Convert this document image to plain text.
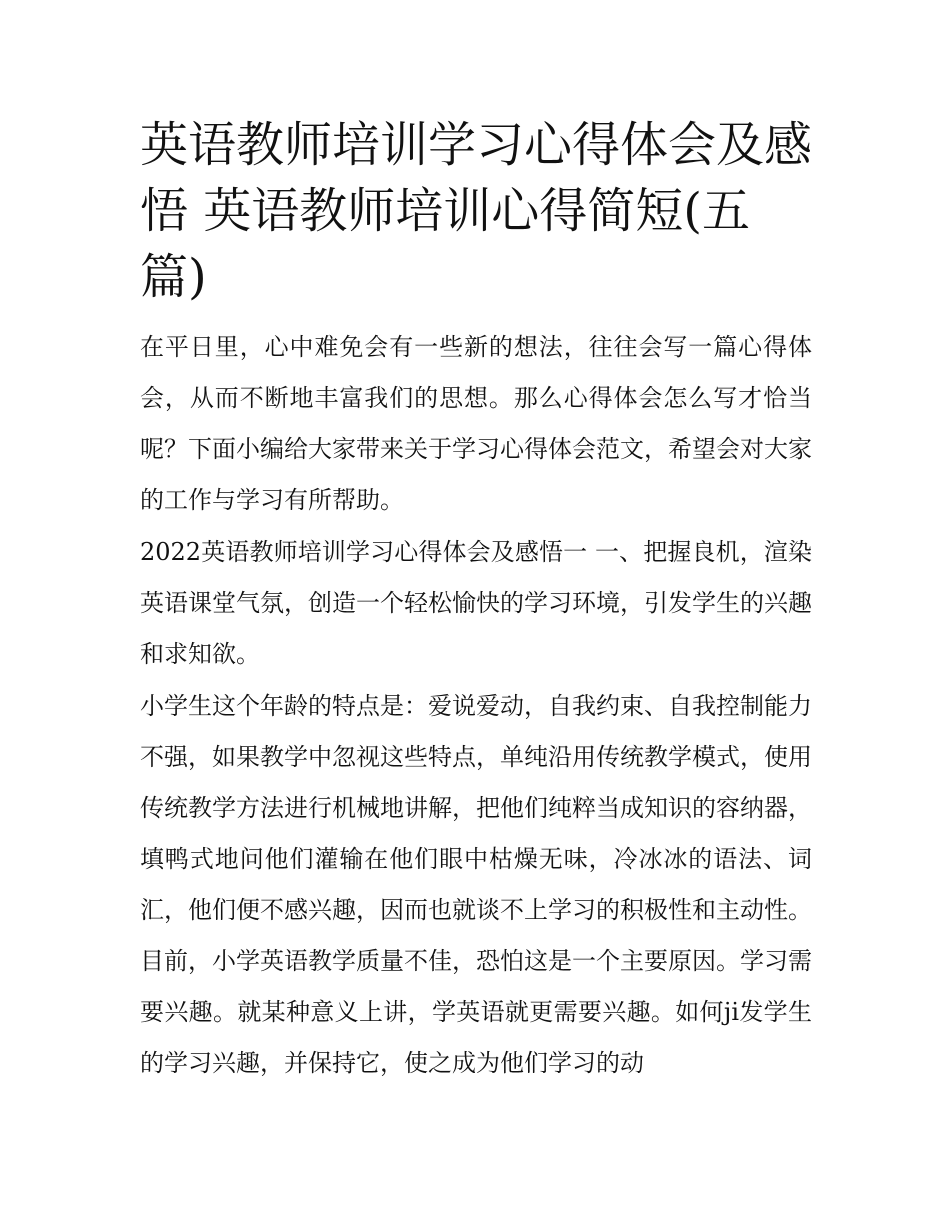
英语教师培训学习心得体会及感悟 英语教师培训心得简短(五篇)

在平日里，心中难免会有一些新的想法，往往会写一篇心得体会，从而不断地丰富我们的思想。那么心得体会怎么写才恰当呢？下面小编给大家带来关于学习心得体会范文，希望会对大家的工作与学习有所帮助。

2022英语教师培训学习心得体会及感悟一 一、把握良机，渲染英语课堂气氛，创造一个轻松愉快的学习环境，引发学生的兴趣和求知欲。

小学生这个年龄的特点是：爱说爱动，自我约束、自我控制能力不强，如果教学中忽视这些特点，单纯沿用传统教学模式，使用传统教学方法进行机械地讲解，把他们纯粹当成知识的容纳器，填鸭式地问他们灌输在他们眼中枯燥无味，冷冰冰的语法、词汇，他们便不感兴趣，因而也就谈不上学习的积极性和主动性。目前，小学英语教学质量不佳，恐怕这是一个主要原因。学习需要兴趣。就某种意义上讲，学英语就更需要兴趣。如何ji发学生的学习兴趣，并保持它，使之成为他们学习的动
